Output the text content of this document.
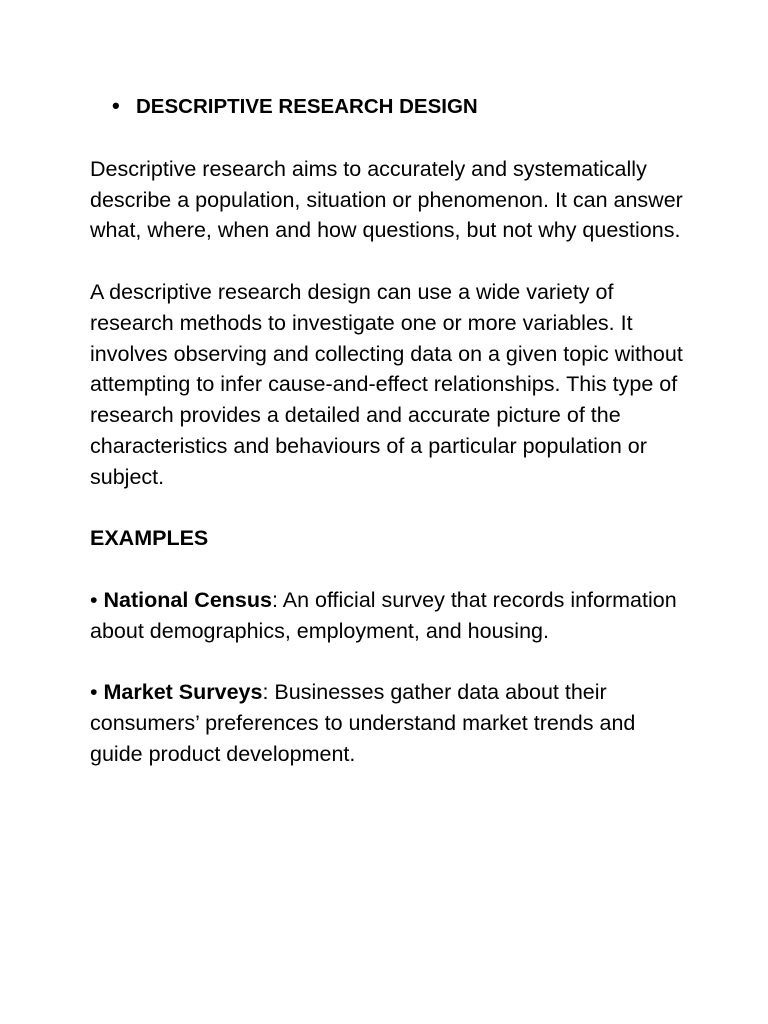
• DESCRIPTIVE RESEARCH DESIGN

Descriptive research aims to accurately and systematically describe a population, situation or phenomenon. It can answer what, where, when and how questions, but not why questions.

A descriptive research design can use a wide variety of research methods to investigate one or more variables. It involves observing and collecting data on a given topic without attempting to infer cause-and-effect relationships. This type of research provides a detailed and accurate picture of the characteristics and behaviours of a particular population or subject.

EXAMPLES

• National Census: An official survey that records information about demographics, employment, and housing.

• Market Surveys: Businesses gather data about their consumers’ preferences to understand market trends and guide product development.
